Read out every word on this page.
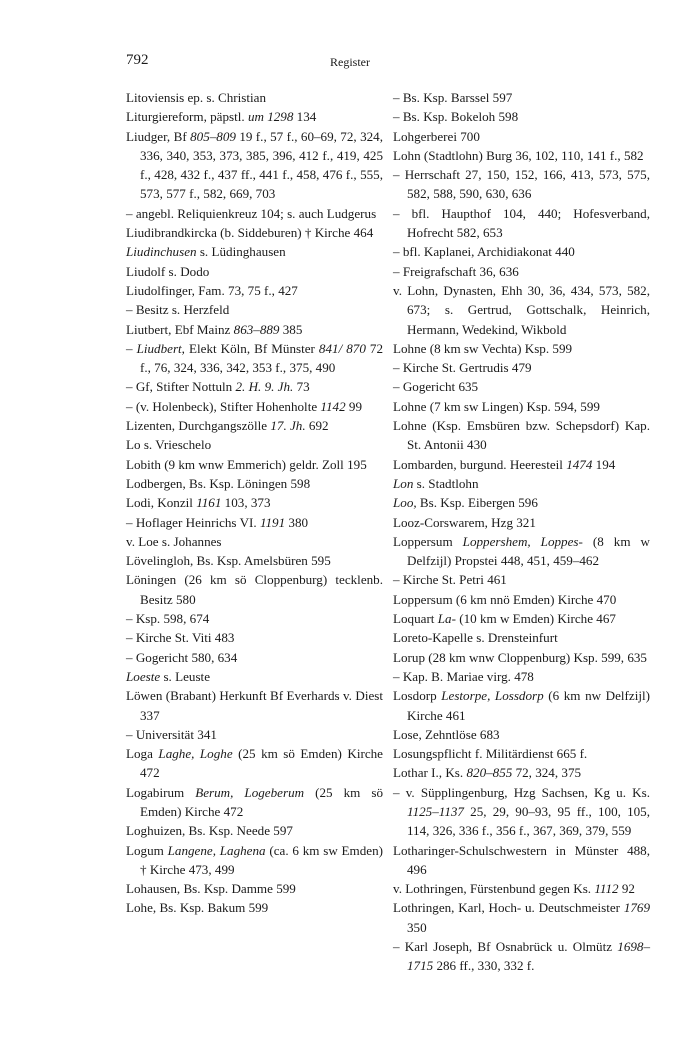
792	Register
Litoviensis ep. s. Christian
Liturgiereform, päpstl. um 1298 134
Liudger, Bf 805–809 19 f., 57 f., 60–69, 72, 324, 336, 340, 353, 373, 385, 396, 412 f., 419, 425 f., 428, 432 f., 437 ff., 441 f., 458, 476 f., 555, 573, 577 f., 582, 669, 703
– angebl. Reliquienkreuz 104; s. auch Ludgerus
Liudibrandkircka (b. Siddeburen) † Kirche 464
Liudinchusen s. Lüdinghausen
Liudolf s. Dodo
Liudolfinger, Fam. 73, 75 f., 427
– Besitz s. Herzfeld
Liutbert, Ebf Mainz 863–889 385
– Liudbert, Elekt Köln, Bf Münster 841/ 870 72 f., 76, 324, 336, 342, 353 f., 375, 490
– Gf, Stifter Nottuln 2. H. 9. Jh. 73
– (v. Holenbeck), Stifter Hohenholte 1142 99
Lizenten, Durchgangszölle 17. Jh. 692
Lo s. Vrieschelo
Lobith (9 km wnw Emmerich) geldr. Zoll 195
Lodbergen, Bs. Ksp. Löningen 598
Lodi, Konzil 1161 103, 373
– Hoflager Heinrichs VI. 1191 380
v. Loe s. Johannes
Lövelingloh, Bs. Ksp. Amelsbüren 595
Löningen (26 km sö Cloppenburg) tecklenb. Besitz 580
– Ksp. 598, 674
– Kirche St. Viti 483
– Gogericht 580, 634
Loeste s. Leuste
Löwen (Brabant) Herkunft Bf Everhards v. Diest 337
– Universität 341
Loga Laghe, Loghe (25 km sö Emden) Kirche 472
Logabirum Berum, Logeberum (25 km sö Emden) Kirche 472
Loghuizen, Bs. Ksp. Neede 597
Logum Langene, Laghena (ca. 6 km sw Emden) † Kirche 473, 499
Lohausen, Bs. Ksp. Damme 599
Lohe, Bs. Ksp. Bakum 599
– Bs. Ksp. Barssel 597
– Bs. Ksp. Bokeloh 598
Lohgerberei 700
Lohn (Stadtlohn) Burg 36, 102, 110, 141 f., 582
– Herrschaft 27, 150, 152, 166, 413, 573, 575, 582, 588, 590, 630, 636
– bfl. Haupthof 104, 440; Hofesverband, Hofrecht 582, 653
– bfl. Kaplanei, Archidiakonat 440
– Freigrafschaft 36, 636
v. Lohn, Dynasten, Ehh 30, 36, 434, 573, 582, 673; s. Gertrud, Gottschalk, Heinrich, Hermann, Wedekind, Wikbold
Lohne (8 km sw Vechta) Ksp. 599
– Kirche St. Gertrudis 479
– Gogericht 635
Lohne (7 km sw Lingen) Ksp. 594, 599
Lohne (Ksp. Emsbüren bzw. Schepsdorf) Kap. St. Antonii 430
Lombarden, burgund. Heeresteil 1474 194
Lon s. Stadtlohn
Loo, Bs. Ksp. Eibergen 596
Looz-Corswarem, Hzg 321
Loppersum Loppershem, Loppes- (8 km w Delfzijl) Propstei 448, 451, 459–462
– Kirche St. Petri 461
Loppersum (6 km nnö Emden) Kirche 470
Loquart La- (10 km w Emden) Kirche 467
Loreto-Kapelle s. Drensteinfurt
Lorup (28 km wnw Cloppenburg) Ksp. 599, 635
– Kap. B. Mariae virg. 478
Losdorp Lestorpe, Lossdorp (6 km nw Delfzijl) Kirche 461
Lose, Zehntlöse 683
Losungspflicht f. Militärdienst 665 f.
Lothar I., Ks. 820–855 72, 324, 375
– v. Süpplingenburg, Hzg Sachsen, Kg u. Ks. 1125–1137 25, 29, 90–93, 95 ff., 100, 105, 114, 326, 336 f., 356 f., 367, 369, 379, 559
Lotharinger-Schulschwestern in Münster 488, 496
v. Lothringen, Fürstenbund gegen Ks. 1112 92
Lothringen, Karl, Hoch- u. Deutschmeister 1769 350
– Karl Joseph, Bf Osnabrück u. Olmütz 1698–1715 286 ff., 330, 332 f.
